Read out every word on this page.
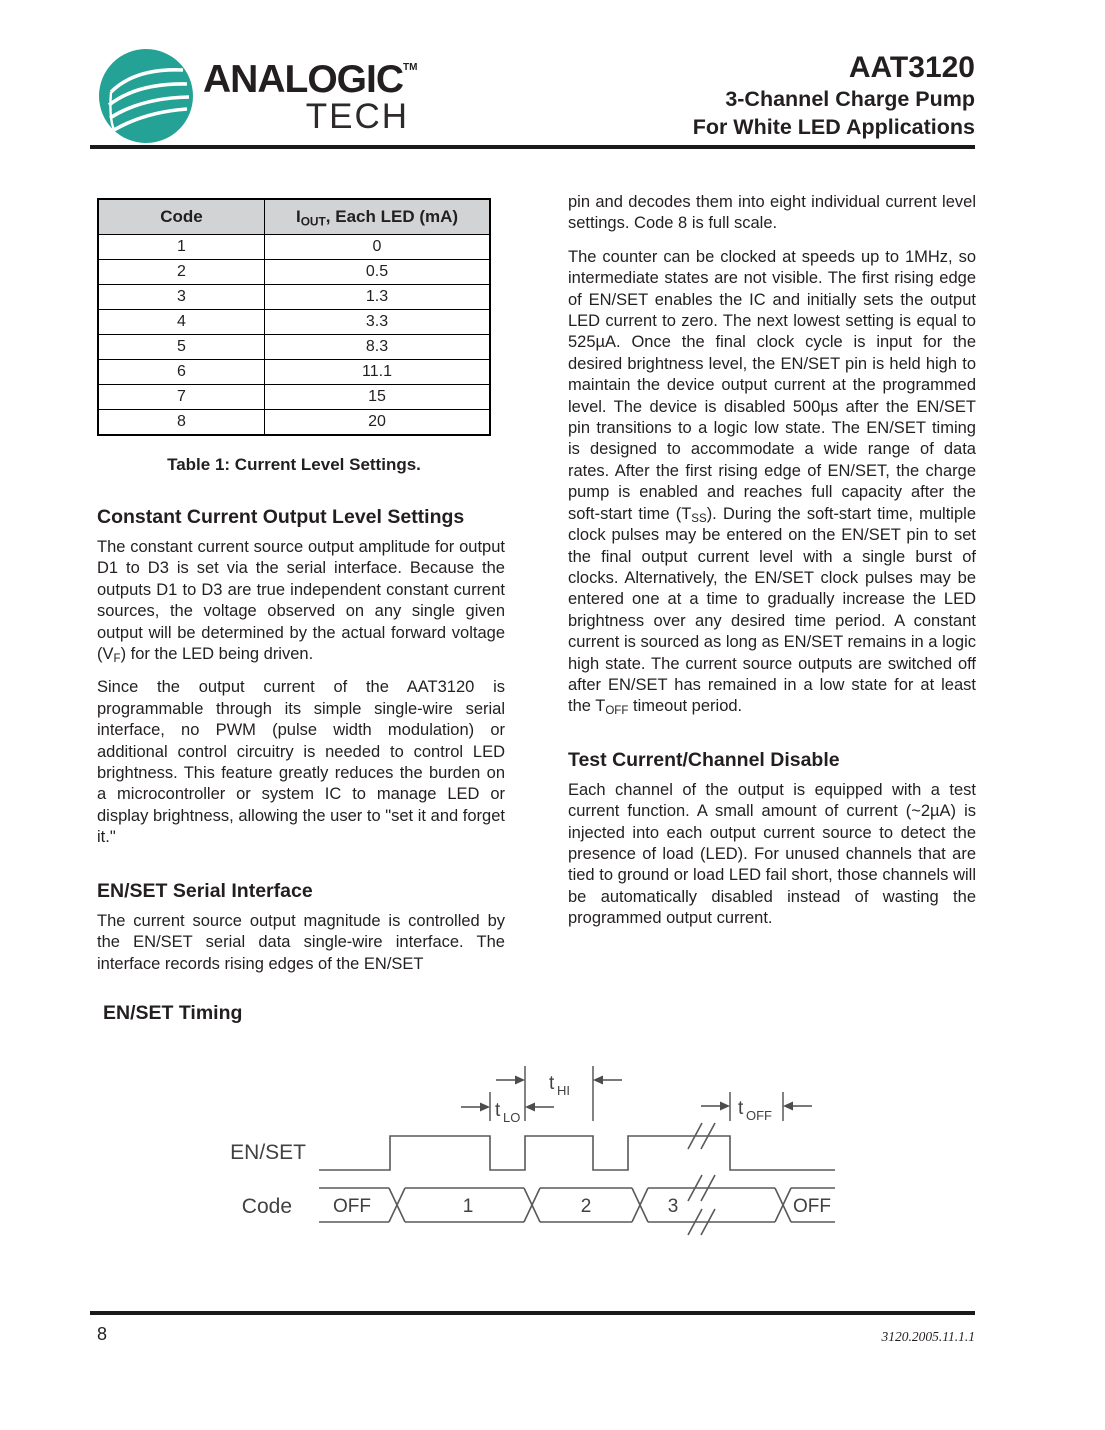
ANALOGIC™
TECH
AAT3120
3-Channel Charge Pump
For White LED Applications
Code	$I_{OUT}$, Each LED (mA)
1	0
2	0.5
3	1.3
4	3.3
5	8.3
6	11.1
7	15
8	20
Table 1: Current Level Settings.
Constant Current Output Level Settings

The constant current source output amplitude for output D1 to D3 is set via the serial interface. Because the outputs D1 to D3 are true independent constant current sources, the voltage observed on any single given output will be determined by the actual forward voltage $(V_F)$ for the LED being driven.

Since the output current of the AAT3120 is programmable through its simple single-wire serial interface, no PWM (pulse width modulation) or additional control circuitry is needed to control LED brightness. This feature greatly reduces the burden on a microcontroller or system IC to manage LED or display brightness, allowing the user to "set it and forget it."

EN/SET Serial Interface

The current source output magnitude is controlled by the EN/SET serial data single-wire interface. The interface records rising edges of the EN/SET

pin and decodes them into eight individual current level settings. Code 8 is full scale.

The counter can be clocked at speeds up to 1MHz, so intermediate states are not visible. The first rising edge of EN/SET enables the IC and initially sets the output LED current to zero. The next lowest setting is equal to 525µA. Once the final clock cycle is input for the desired brightness level, the EN/SET pin is held high to maintain the device output current at the programmed level. The device is disabled 500µs after the EN/SET pin transitions to a logic low state. The EN/SET timing is designed to accommodate a wide range of data rates. After the first rising edge of EN/SET, the charge pump is enabled and reaches full capacity after the soft-start time $(T_{SS})$. During the soft-start time, multiple clock pulses may be entered on the EN/SET pin to set the final output current level with a single burst of clocks. Alternatively, the EN/SET clock pulses may be entered one at a time to gradually increase the LED brightness over any desired time period. A constant current is sourced as long as EN/SET remains in a logic high state. The current source outputs are switched off after EN/SET has remained in a low state for at least the $T_{OFF}$ timeout period.

Test Current/Channel Disable

Each channel of the output is equipped with a test current function. A small amount of current (~2µA) is injected into each output current source to detect the presence of load (LED). For unused channels that are tied to ground or load LED fail short, those channels will be automatically disabled instead of wasting the programmed output current.

EN/SET Timing
EN/SET
Code OFF	1	2	3	OFF
t HI
t LO	t OFF
8	3120.2005.11.1.1
